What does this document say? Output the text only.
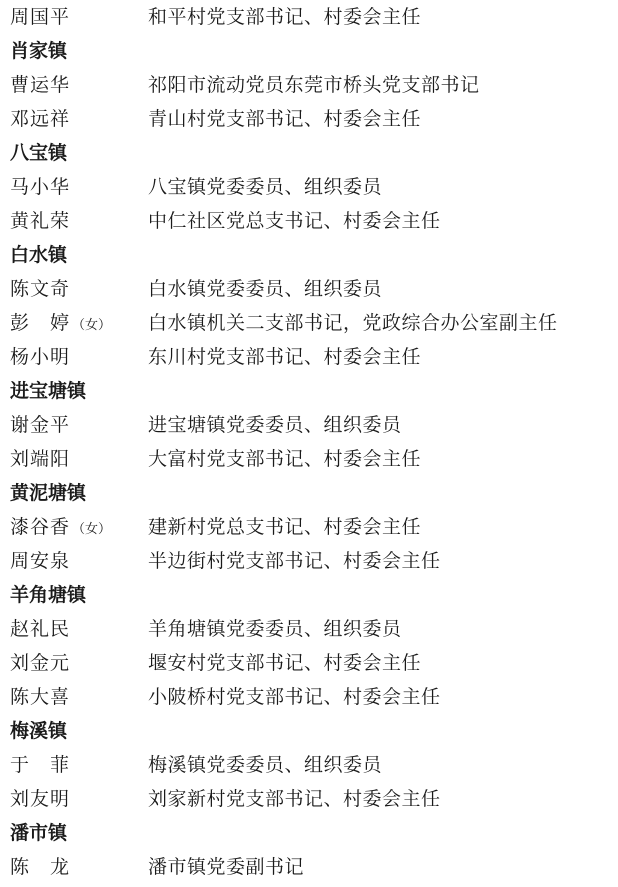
周国平	和平村党支部书记、村委会主任
肖家镇
曹运华	祁阳市流动党员东莞市桥头党支部书记
邓远祥	青山村党支部书记、村委会主任
八宝镇
马小华	八宝镇党委委员、组织委员
黄礼荣	中仁社区党总支书记、村委会主任
白水镇
陈文奇	白水镇党委委员、组织委员
彭　婷 （女） 白水镇机关二支部书记，党政综合办公室副主任
杨小明	东川村党支部书记、村委会主任
进宝塘镇
谢金平	进宝塘镇党委委员、组织委员
刘端阳	大富村党支部书记、村委会主任
黄泥塘镇
漆谷香 （女） 建新村党总支书记、村委会主任
周安泉	半边街村党支部书记、村委会主任
羊角塘镇
赵礼民	羊角塘镇党委委员、组织委员
刘金元	堰安村党支部书记、村委会主任
陈大喜	小陂桥村党支部书记、村委会主任
梅溪镇
于　菲	梅溪镇党委委员、组织委员
刘友明	刘家新村党支部书记、村委会主任
潘市镇
陈　龙	潘市镇党委副书记
